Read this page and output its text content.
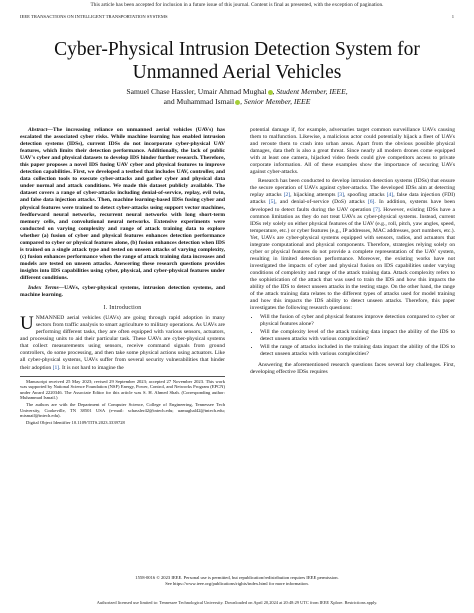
This article has been accepted for inclusion in a future issue of this journal. Content is final as presented, with the exception of pagination.
IEEE TRANSACTIONS ON INTELLIGENT TRANSPORTATION SYSTEMS	1
Cyber-Physical Intrusion Detection System for Unmanned Aerial Vehicles
Samuel Chase Hassler, Umair Ahmad Mughal , Student Member, IEEE,
and Muhammad Ismail , Senior Member, IEEE

Abstract—The increasing reliance on unmanned aerial vehicles (UAVs) has escalated the associated cyber risks. While machine learning has enabled intrusion detection systems (IDSs), current IDSs do not incorporate cyber-physical UAV features, which limits their detection performance. Additionally, the lack of public UAV's cyber and physical datasets to develop IDS hinder further research. Therefore, this paper proposes a novel IDS fusing UAV cyber and physical features to improve detection capabilities. First, we developed a testbed that includes UAV, controller, and data collection tools to execute cyber-attacks and gather cyber and physical data under normal and attack conditions. We made this dataset publicly available. The dataset covers a range of cyber-attacks including denial-of-service, replay, evil twin, and false data injection attacks. Then, machine learning-based IDSs fusing cyber and physical features were trained to detect cyber-attacks using support vector machines, feedforward neural networks, recurrent neural networks with long short-term memory cells, and convolutional neural networks. Extensive experiments were conducted on varying complexity and range of attack training data to explore whether (a) fusion of cyber and physical features enhances detection performance compared to cyber or physical features alone, (b) fusion enhances detection when IDS is trained on a single attack type and tested on unseen attacks of varying complexity, (c) fusion enhances performance when the range of attack training data increases and models are tested on unseen attacks. Answering these research questions provides insights into IDS capabilities using cyber, physical, and cyber-physical features under different conditions.

Index Terms—UAVs, cyber-physical systems, intrusion detection systems, and machine learning.

I. Introduction

UNMANNED aerial vehicles (UAVs) are going through rapid adoption in many sectors from traffic analysis to smart agriculture to military operations. As UAVs are performing different tasks, they are often equipped with various sensors, actuators, and processing units to aid their particular task. These UAVs are cyber-physical systems that collect measurements using sensors, receive command signals from ground controllers, do some processing, and then take some physical actions using actuators. Like all cyber-physical systems, UAVs suffer from several security vulnerabilities that hinder their adoption [1]. It is not hard to imagine the

Manuscript received 25 May 2023; revised 29 September 2023; accepted 27 November 2023. This work was supported by National Science Foundation (NSF) Energy, Power, Control, and Networks Program (EPCN) under Award 2220346. The Associate Editor for this article was S. H. Ahmed Shah. (Corresponding author: Muhammad Ismail.)

The authors are with the Department of Computer Science, College of Engineering, Tennessee Tech University, Cookeville, TN 38501 USA (e-mail: schassler42@tntech.edu; uamughal42@tntech.edu; mismail@tntech.edu).

Digital Object Identifier 10.1109/TITS.2023.3339728

potential damage if, for example, adversaries target common surveillance UAVs causing them to malfunction. Likewise, a malicious actor could potentially hijack a fleet of UAVs and reroute them to crash into urban areas. Apart from the obvious possible physical damages, data theft is also a great threat. Since nearly all modern drones come equipped with at least one camera, hijacked video feeds could give competitors access to private corporate information. All of these examples show the importance of securing UAVs against cyber-attacks.

Research has been conducted to develop intrusion detection systems (IDSs) that ensure the secure operation of UAVs against cyber-attacks. The developed IDSs aim at detecting replay attacks [2], hijacking attempts [3], spoofing attacks [4], false data injection (FDI) attacks [5], and denial-of-service (DoS) attacks [6]. In addition, systems have been developed to detect faults during the UAV operation [7]. However, existing IDSs have a common limitation as they do not treat UAVs as cyber-physical systems. Instead, current IDSs rely solely on either physical features of the UAV (e.g., roll, pitch, yaw angles, speed, temperature, etc.) or cyber features (e.g., IP addresses, MAC addresses, port numbers, etc.). Yet, UAVs are cyber-physical systems equipped with sensors, radios, and actuators that integrate computational and physical components. Therefore, strategies relying solely on cyber or physical features do not provide a complete representation of the UAV system, resulting in limited detection performance. Moreover, the existing works have not investigated the impacts of cyber and physical fusion on IDS capabilities under varying conditions of complexity and range of the attack training data. Attack complexity refers to the sophistication of the attack that was used to train the IDS and how this impacts the ability of the IDS to detect unseen attacks in the testing stage. On the other hand, the range of the attack training data relates to the different types of attacks used for model training and how this impacts the IDS ability to detect unseen attacks. Therefore, this paper investigates the following research questions:

• Will the fusion of cyber and physical features improve detection compared to cyber or physical features alone?
• Will the complexity level of the attack training data impact the ability of the IDS to detect unseen attacks with various complexities?
• Will the range of attacks included in the training data impact the ability of the IDS to detect unseen attacks with various complexities?

Answering the aforementioned research questions faces several key challenges. First, developing effective IDSs requires

1558-0016 © 2023 IEEE. Personal use is permitted, but republication/redistribution requires IEEE permission.
See https://www.ieee.org/publications/rights/index.html for more information.
Authorized licensed use limited to: Tennessee Technological University. Downloaded on April 20,2024 at 20:48:29 UTC from IEEE Xplore. Restrictions apply.
